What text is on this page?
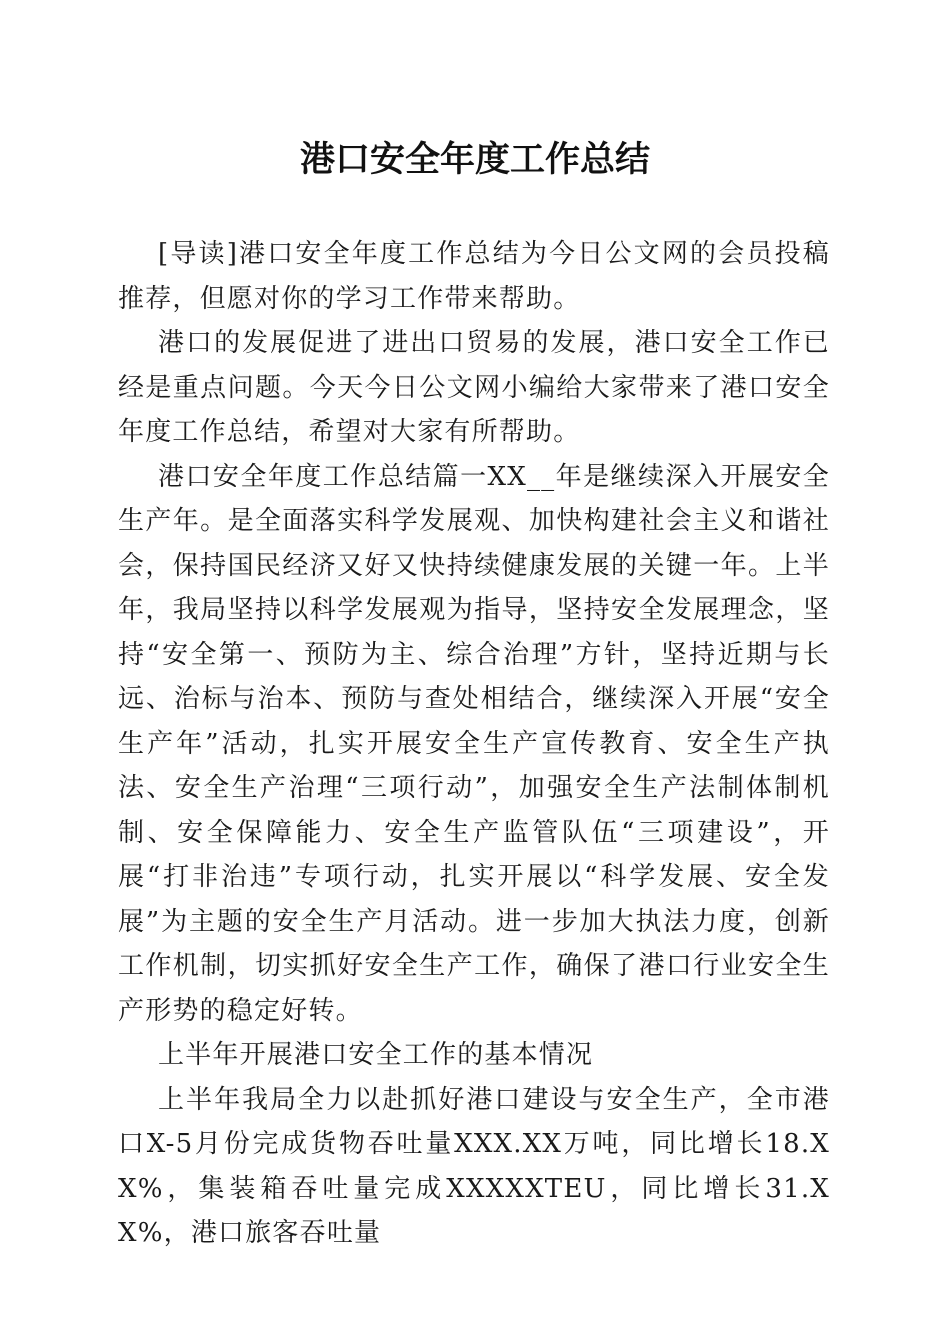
港口安全年度工作总结

[导读]港口安全年度工作总结为今日公文网的会员投稿推荐，但愿对你的学习工作带来帮助。

港口的发展促进了进出口贸易的发展，港口安全工作已经是重点问题。今天今日公文网小编给大家带来了港口安全年度工作总结，希望对大家有所帮助。

港口安全年度工作总结篇一XX__年是继续深入开展安全生产年。是全面落实科学发展观、加快构建社会主义和谐社会，保持国民经济又好又快持续健康发展的关键一年。上半年，我局坚持以科学发展观为指导，坚持安全发展理念，坚持“安全第一、预防为主、综合治理”方针，坚持近期与长远、治标与治本、预防与查处相结合，继续深入开展“安全生产年”活动，扎实开展安全生产宣传教育、安全生产执法、安全生产治理“三项行动”，加强安全生产法制体制机制、安全保障能力、安全生产监管队伍“三项建设”，开展“打非治违”专项行动，扎实开展以“科学发展、安全发展”为主题的安全生产月活动。进一步加大执法力度，创新工作机制，切实抓好安全生产工作，确保了港口行业安全生产形势的稳定好转。

上半年开展港口安全工作的基本情况

上半年我局全力以赴抓好港口建设与安全生产，全市港口X-5月份完成货物吞吐量XXX.XX万吨，同比增长18.XX%，集装箱吞吐量完成XXXXXTEU，同比增长31.XX%，港口旅客吞吐量
